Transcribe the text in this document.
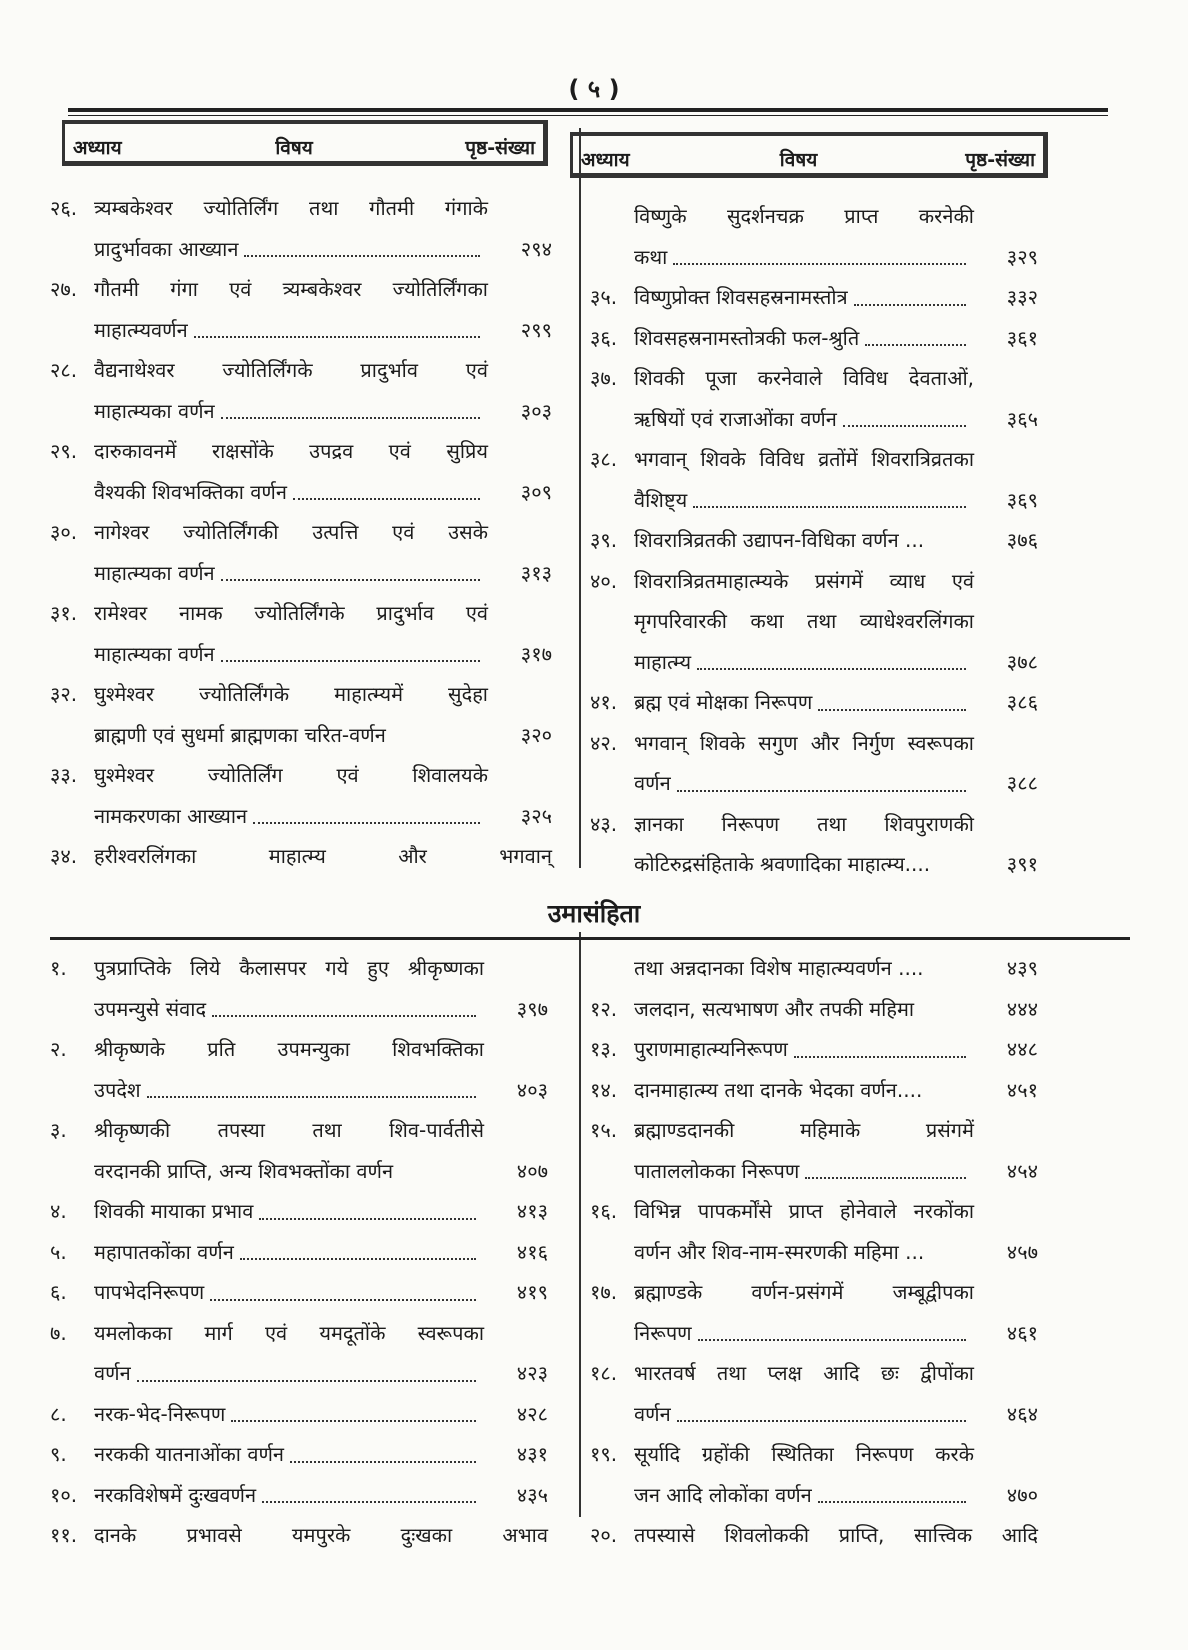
( ५ )
अध्याय	विषय	पृष्ठ-संख्या
अध्याय	विषय	पृष्ठ-संख्या
२६. त्र्यम्बकेश्वर ज्योतिर्लिंग तथा गौतमी गंगाके
प्रादुर्भावका आख्यान	२९४
२७. गौतमी गंगा एवं त्र्यम्बकेश्वर ज्योतिर्लिंगका
माहात्म्यवर्णन	२९९
२८. वैद्यनाथेश्वर ज्योतिर्लिंगके प्रादुर्भाव एवं
माहात्म्यका वर्णन	३०३
२९. दारुकावनमें राक्षसोंके उपद्रव एवं सुप्रिय
वैश्यकी शिवभक्तिका वर्णन	३०९
३०. नागेश्वर ज्योतिर्लिंगकी उत्पत्ति एवं उसके
माहात्म्यका वर्णन	३१३
३१. रामेश्वर नामक ज्योतिर्लिंगके प्रादुर्भाव एवं
माहात्म्यका वर्णन	३१७
३२. घुश्मेश्वर ज्योतिर्लिंगके माहात्म्यमें सुदेहा
ब्राह्मणी एवं सुधर्मा ब्राह्मणका चरित-वर्णन	३२०
३३. घुश्मेश्वर ज्योतिर्लिंग एवं शिवालयके
नामकरणका आख्यान	३२५
३४. हरीश्वरलिंगका माहात्म्य और भगवान्
विष्णुके सुदर्शनचक्र प्राप्त करनेकी
कथा	३२९
३५. विष्णुप्रोक्त शिवसहस्रनामस्तोत्र	३३२
३६. शिवसहस्रनामस्तोत्रकी फल-श्रुति	३६१
३७. शिवकी पूजा करनेवाले विविध देवताओं,
ऋषियों एवं राजाओंका वर्णन	३६५
३८. भगवान् शिवके विविध व्रतोंमें शिवरात्रिव्रतका
वैशिष्ट्य	३६९
३९. शिवरात्रिव्रतकी उद्यापन-विधिका वर्णन ...	३७६
४०. शिवरात्रिव्रतमाहात्म्यके प्रसंगमें व्याध एवं
मृगपरिवारकी कथा तथा व्याधेश्वरलिंगका
माहात्म्य	३७८
४१. ब्रह्म एवं मोक्षका निरूपण	३८६
४२. भगवान् शिवके सगुण और निर्गुण स्वरूपका
वर्णन	३८८
४३. ज्ञानका निरूपण तथा शिवपुराणकी
कोटिरुद्रसंहिताके श्रवणादिका माहात्म्य....	३९१
उमासंहिता
१. पुत्रप्राप्तिके लिये कैलासपर गये हुए श्रीकृष्णका
उपमन्युसे संवाद	३९७
२. श्रीकृष्णके प्रति उपमन्युका शिवभक्तिका
उपदेश	४०३
३. श्रीकृष्णकी तपस्या तथा शिव-पार्वतीसे
वरदानकी प्राप्ति, अन्य शिवभक्तोंका वर्णन	४०७
४. शिवकी मायाका प्रभाव	४१३
५. महापातकोंका वर्णन	४१६
६. पापभेदनिरूपण	४१९
७. यमलोकका मार्ग एवं यमदूतोंके स्वरूपका
वर्णन	४२३
८. नरक-भेद-निरूपण	४२८
९. नरककी यातनाओंका वर्णन	४३१
१०. नरकविशेषमें दुःखवर्णन	४३५
११. दानके प्रभावसे यमपुरके दुःखका अभाव
तथा अन्नदानका विशेष माहात्म्यवर्णन ....	४३९
१२. जलदान, सत्यभाषण और तपकी महिमा	४४४
१३. पुराणमाहात्म्यनिरूपण	४४८
१४. दानमाहात्म्य तथा दानके भेदका वर्णन....	४५१
१५. ब्रह्माण्डदानकी महिमाके प्रसंगमें
पाताललोकका निरूपण	४५४
१६. विभिन्न पापकर्मोंसे प्राप्त होनेवाले नरकोंका
वर्णन और शिव-नाम-स्मरणकी महिमा ...	४५७
१७. ब्रह्माण्डके वर्णन-प्रसंगमें जम्बूद्वीपका
निरूपण	४६१
१८. भारतवर्ष तथा प्लक्ष आदि छः द्वीपोंका
वर्णन	४६४
१९. सूर्यादि ग्रहोंकी स्थितिका निरूपण करके
जन आदि लोकोंका वर्णन	४७०
२०. तपस्यासे शिवलोककी प्राप्ति, सात्त्विक आदि
